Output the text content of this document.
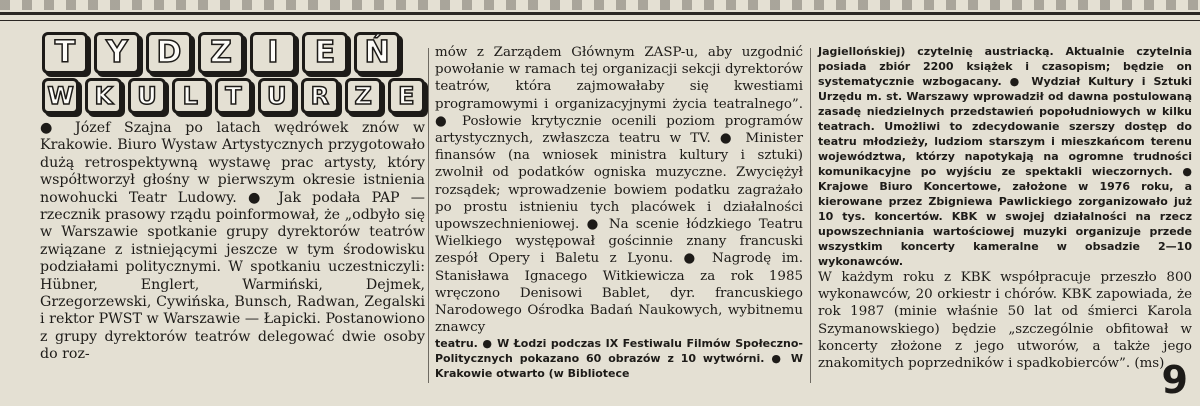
T	Y D Z	I	E Ń
W K	U	L	T	U	R	Z	E

● Józef Szajna po latach wędrówek znów w Krakowie. Biuro Wystaw Artystycznych przygotowało dużą retrospektywną wystawę prac artysty, który współtworzył głośny w pierwszym okresie istnienia nowohucki Teatr Ludowy. ● Jak podała PAP — rzecznik prasowy rządu poinformował, że „odbyło się w Warszawie spotkanie grupy dyrektorów teatrów związane z istniejącymi jeszcze w tym środowisku podziałami politycznymi. W spotkaniu uczestniczyli: Hübner, Englert, Warmiński, Dejmek, Grzegorzewski, Cywińska, Bunsch, Radwan, Zegalski i rektor PWST w Warszawie — Łapicki. Postanowiono z grupy dyrektorów teatrów delegować dwie osoby do roz-

mów z Zarządem Głównym ZASP-u, aby uzgodnić powołanie w ramach tej organizacji sekcji dyrektorów teatrów, która zajmowałaby się kwestiami programowymi i organizacyjnymi życia teatralnego”. ● Posłowie krytycznie ocenili poziom programów artystycznych, zwłaszcza teatru w TV. ● Minister finansów (na wniosek ministra kultury i sztuki) zwolnił od podatków ogniska muzyczne. Zwyciężył rozsądek; wprowadzenie bowiem podatku zagrażało po prostu istnieniu tych placówek i działalności upowszechnieniowej. ● Na scenie łódzkiego Teatru Wielkiego występował gościnnie znany francuski zespół Opery i Baletu z Lyonu. ● Nagrodę im. Stanisława Ignacego Witkiewicza za rok 1985 wręczono Denisowi Bablet, dyr. francuskiego Narodowego Ośrodka Badań Naukowych, wybitnemu znawcy

teatru. ● W Łodzi podczas IX Festiwalu Filmów Społeczno-Politycznych pokazano 60 obrazów z 10 wytwórni. ● W Krakowie otwarto (w Bibliotece

Jagiellońskiej) czytelnię austriacką. Aktualnie czytelnia posiada zbiór 2200 książek i czasopism; będzie on systematycznie wzbogacany. ● Wydział Kultury i Sztuki Urzędu m. st. Warszawy wprowadził od dawna postulowaną zasadę niedzielnych przedstawień popołudniowych w kilku teatrach. Umożliwi to zdecydowanie szerszy dostęp do teatru młodzieży, ludziom starszym i mieszkańcom terenu województwa, którzy napotykają na ogromne trudności komunikacyjne po wyjściu ze spektakli wieczornych. ● Krajowe Biuro Koncertowe, założone w 1976 roku, a kierowane przez Zbigniewa Pawlickiego zorganizowało już 10 tys. koncertów. KBK w swojej działalności na rzecz upowszechniania wartościowej muzyki organizuje przede wszystkim koncerty kameralne w obsadzie 2—10 wykonawców.

W każdym roku z KBK współpracuje przeszło 800 wykonawców, 20 orkiestr i chórów. KBK zapowiada, że rok 1987 (minie właśnie 50 lat od śmierci Karola Szymanowskiego) będzie „szczególnie obfitował w koncerty złożone z jego utworów, a także jego znakomitych poprzedników i spadkobierców”. (ms)

9
